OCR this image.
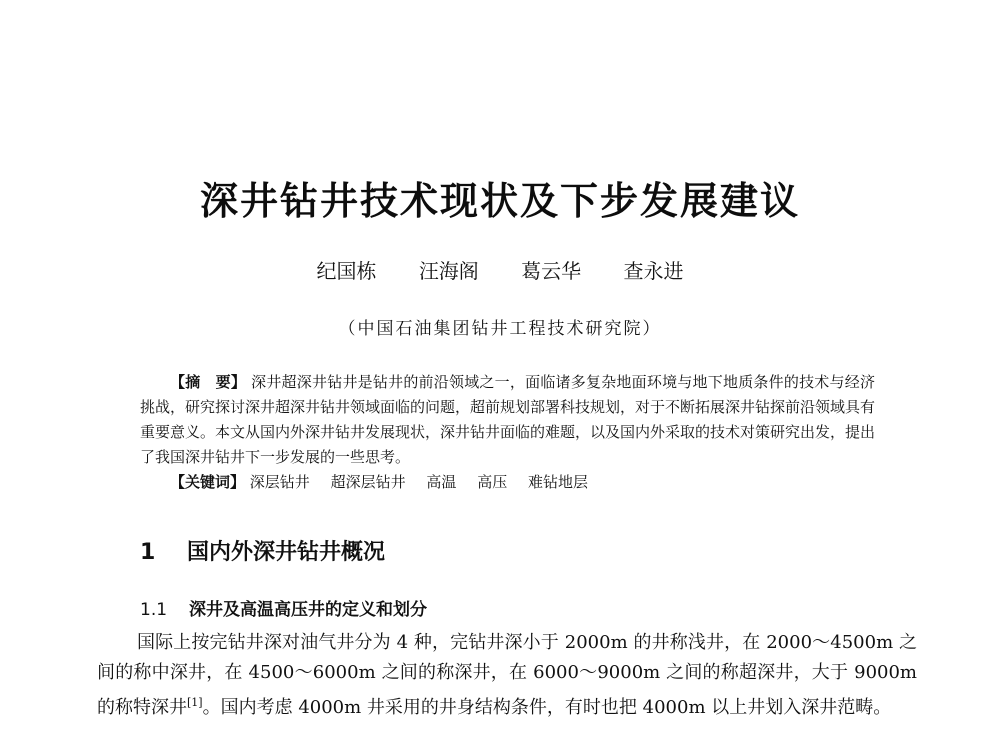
深井钻井技术现状及下步发展建议
纪国栋 汪海阁 葛云华 查永进
（中国石油集团钻井工程技术研究院）

【摘　要】 深井超深井钻井是钻井的前沿领域之一，面临诸多复杂地面环境与地下地质条件的技术与经济挑战，研究探讨深井超深井钻井领域面临的问题，超前规划部署科技规划，对于不断拓展深井钻探前沿领域具有重要意义。本文从国内外深井钻井发展现状，深井钻井面临的难题，以及国内外采取的技术对策研究出发，提出了我国深井钻井下一步发展的一些思考。

【关键词】 深层钻井 超深层钻井 高温 高压 难钻地层

1 国内外深井钻井概况
1.1 深井及高温高压井的定义和划分

国际上按完钻井深对油气井分为 4 种，完钻井深小于 2000m 的井称浅井，在 2000～4500m 之间的称中深井，在 4500～6000m 之间的称深井，在 6000～9000m 之间的称超深井，大于 9000m 的称特深井[1]。国内考虑 4000m 井采用的井身结构条件，有时也把 4000m 以上井划入深井范畴。
